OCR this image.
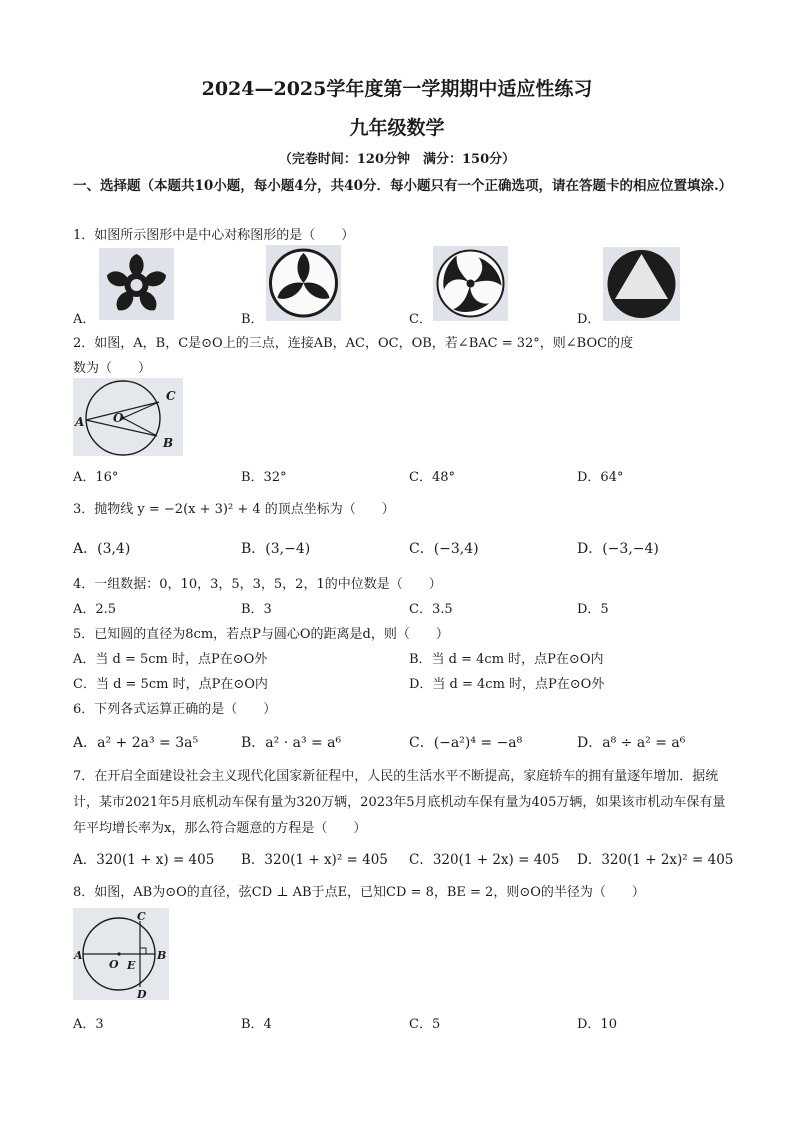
2024—2025学年度第一学期期中适应性练习
九年级数学
（完卷时间：120分钟　满分：150分）
一、选择题（本题共10小题，每小题4分，共40分．每小题只有一个正确选项，请在答题卡的相应位置填涂.）
1．如图所示图形中是中心对称图形的是（　　）
A．	B．	C．	D．
2．如图，A，B，C是⊙O上的三点，连接AB，AC，OC，OB，若∠BAC = 32°，则∠BOC的度
数为（　　）
A O
C
B
A．16°	B．32°	C．48°	D．64°
3．抛物线 y = −2(x + 3)² + 4 的顶点坐标为（　　）
A．(3,4)	B．(3,−4)	C．(−3,4)	D．(−3,−4)
4．一组数据：0，10，3，5，3，5，2，1的中位数是（　　）
A．2.5	B．3	C．3.5	D．5
5．已知圆的直径为8cm，若点P与圆心O的距离是d，则（　　）
A．当 d = 5cm 时，点P在⊙O外	B．当 d = 4cm 时，点P在⊙O内
C．当 d = 5cm 时，点P在⊙O内	D．当 d = 4cm 时，点P在⊙O外
6．下列各式运算正确的是（　　）
A．a² + 2a³ = 3a⁵	B．a² · a³ = a⁶	C．(−a²)⁴ = −a⁸	D．a⁸ ÷ a² = a⁶
7．在开启全面建设社会主义现代化国家新征程中，人民的生活水平不断提高，家庭轿车的拥有量逐年增加．据统计，某市2021年5月底机动车保有量为320万辆，2023年5月底机动车保有量为405万辆，如果该市机动车保有量年平均增长率为x，那么符合题意的方程是（　　）
A．320(1 + x) = 405 B．320(1 + x)² = 405 C．320(1 + 2x) = 405 D．320(1 + 2x)² = 405
8．如图，AB为⊙O的直径，弦CD ⊥ AB于点E，已知CD = 8，BE = 2，则⊙O的半径为（　　）
A	B
C
D
O E
A．3	B．4	C．5	D．10
